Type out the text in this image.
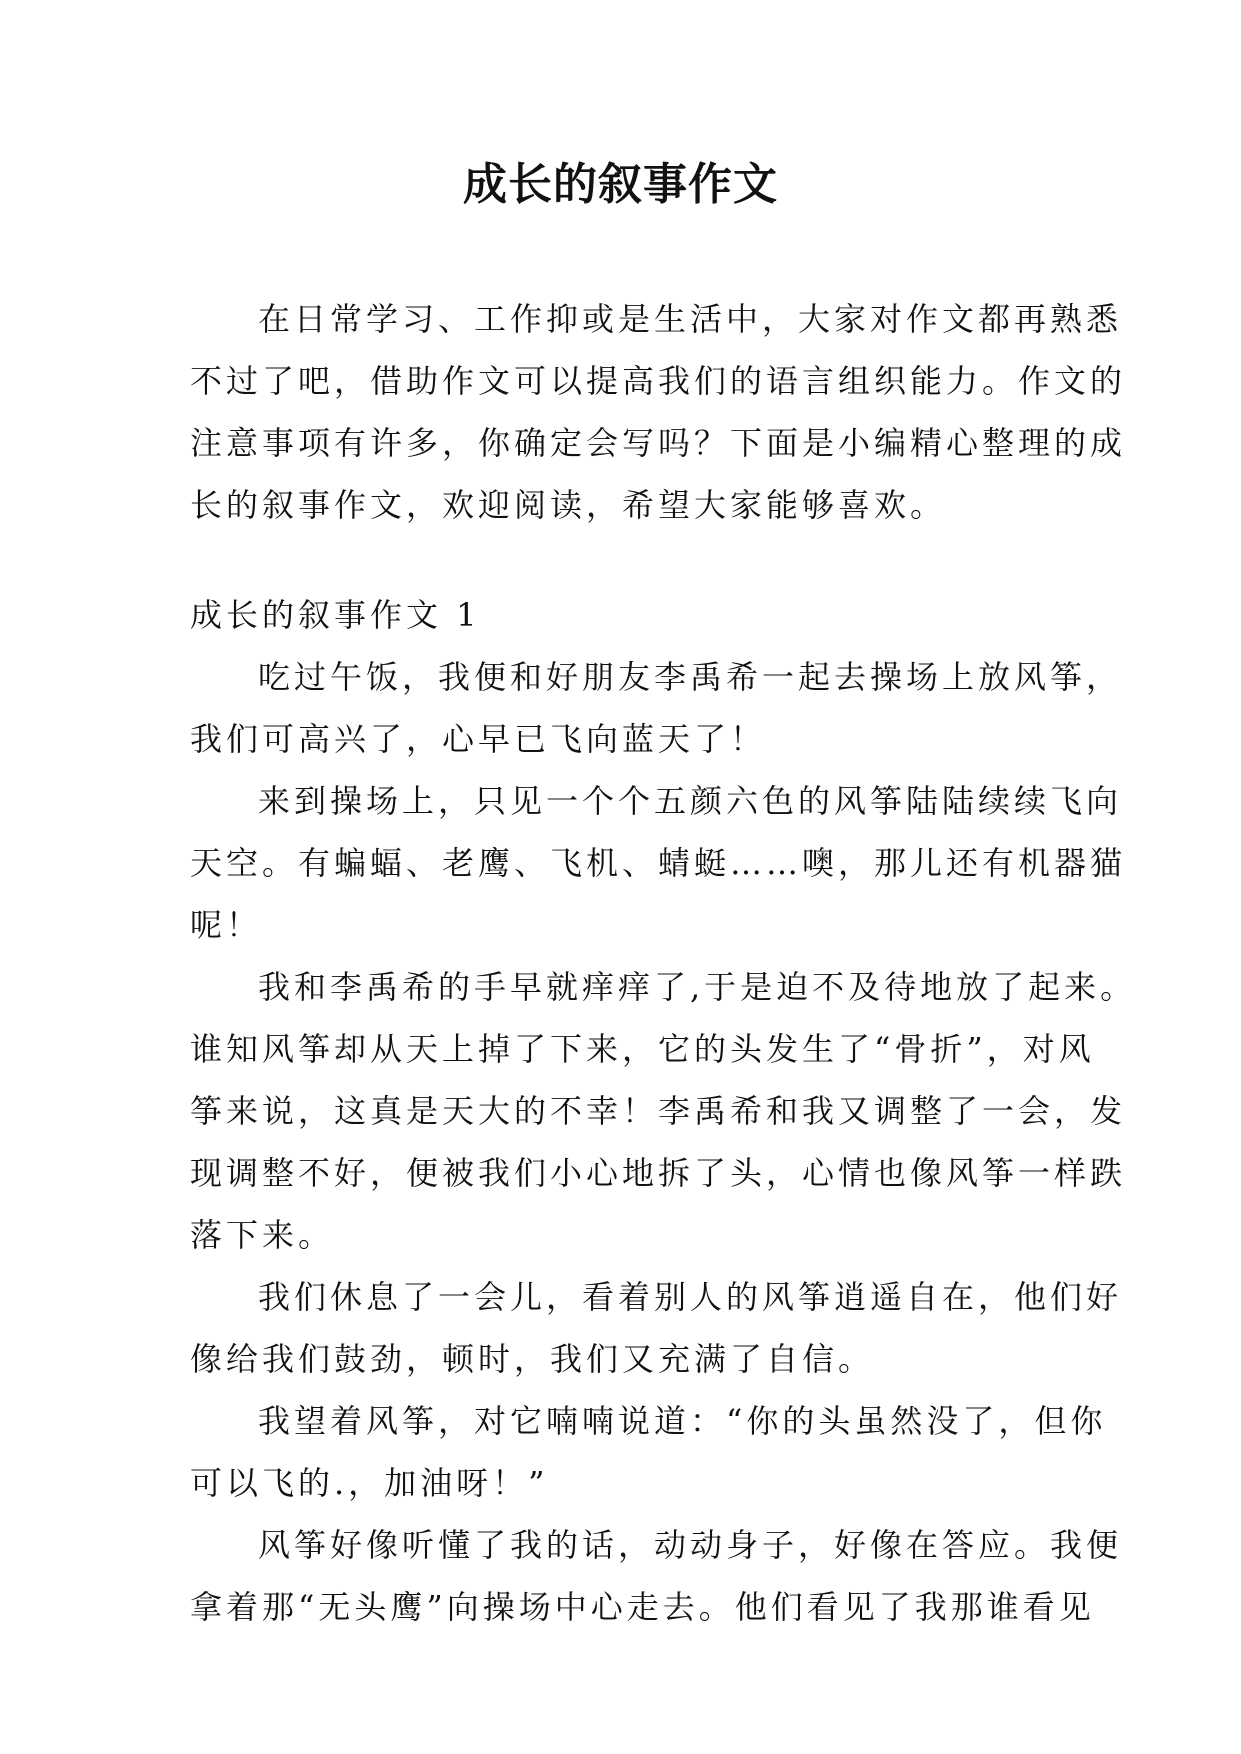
成长的叙事作文

在日常学习、工作抑或是生活中，大家对作文都再熟悉
不过了吧，借助作文可以提高我们的语言组织能力。作文的
注意事项有许多，你确定会写吗？下面是小编精心整理的成
长的叙事作文，欢迎阅读，希望大家能够喜欢。

成长的叙事作文 1

吃过午饭，我便和好朋友李禹希一起去操场上放风筝，
我们可高兴了，心早已飞向蓝天了！

来到操场上，只见一个个五颜六色的风筝陆陆续续飞向
天空。有蝙蝠、老鹰、飞机、蜻蜓……噢，那儿还有机器猫
呢！

我和李禹希的手早就痒痒了,于是迫不及待地放了起来。
谁知风筝却从天上掉了下来，它的头发生了“骨折”，对风
筝来说，这真是天大的不幸！李禹希和我又调整了一会，发
现调整不好，便被我们小心地拆了头，心情也像风筝一样跌
落下来。

我们休息了一会儿，看着别人的风筝逍遥自在，他们好
像给我们鼓劲，顿时，我们又充满了自信。

我望着风筝，对它喃喃说道：“你的头虽然没了，但你
可以飞的.，加油呀！”

风筝好像听懂了我的话，动动身子，好像在答应。我便
拿着那“无头鹰”向操场中心走去。他们看见了我那谁看见
